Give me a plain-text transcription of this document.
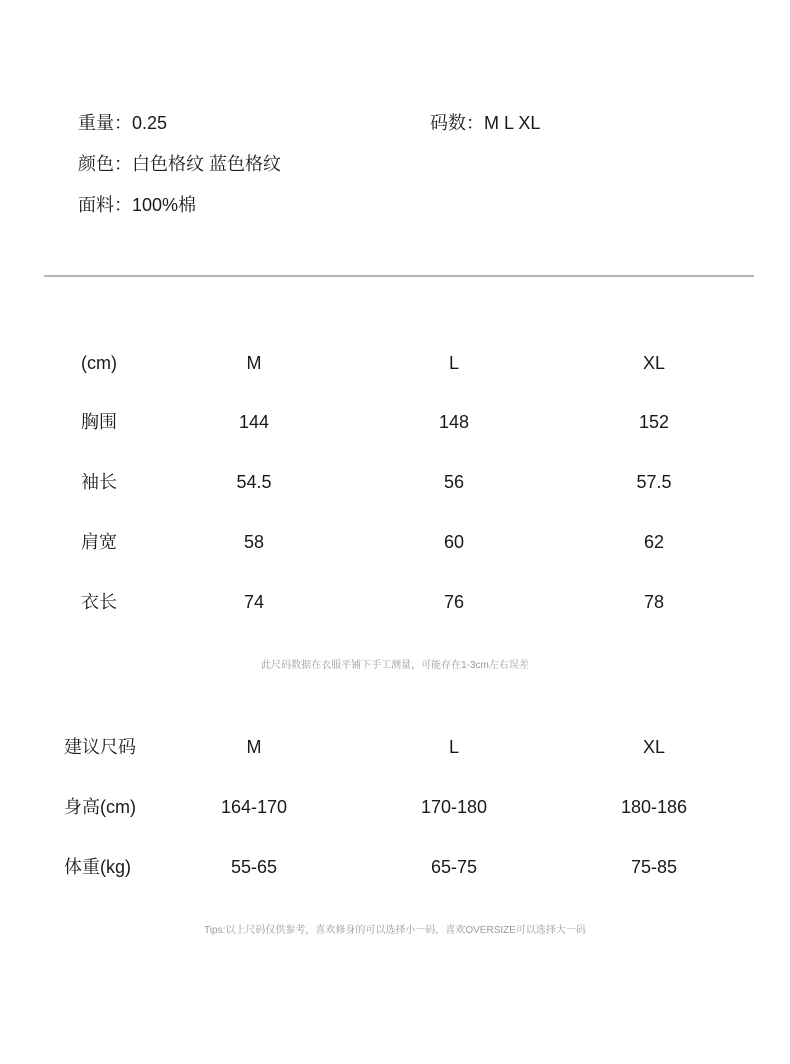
重量：0.25	码数：M L XL
颜色：白色格纹 蓝色格纹
面料：100%棉
(cm)	M	L	XL
胸围	144	148	152
袖长	54.5	56	57.5
肩宽	58	60	62
衣长	74	76	78
此尺码数据在衣服平铺下手工测量，可能存在1-3cm左右误差
建议尺码	M	L	XL
身高(cm)	164-170	170-180	180-186
体重(kg)	55-65	65-75	75-85
Tips:以上尺码仅供参考，喜欢修身的可以选择小一码，喜欢OVERSIZE可以选择大一码
